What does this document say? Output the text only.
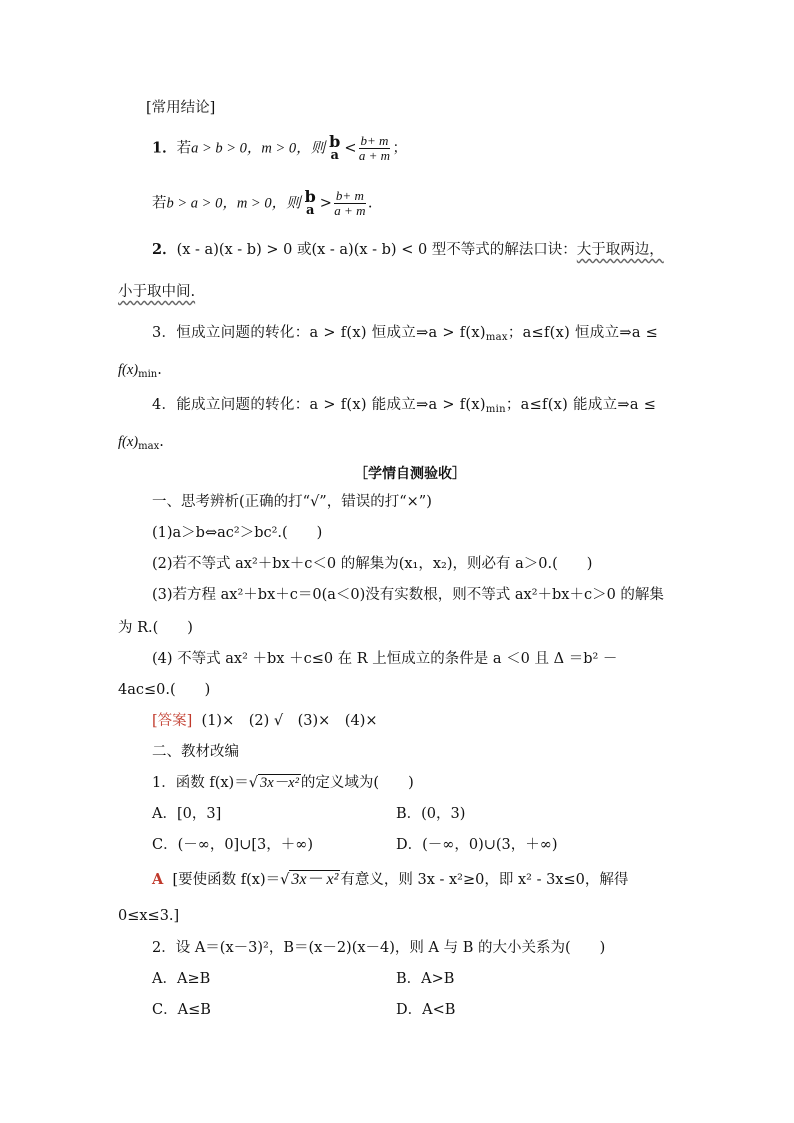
[常用结论]
1．若a > b > 0，m > 0，则 b
$a < \frac{b+ m}{a + m}$ ；
若b > a > 0，m > 0，则 b
$a > \frac{b+ m}{a + m}$ .
2．(x - a)(x - b) > 0 或(x - a)(x - b) < 0 型不等式的解法口诀：大于取两边，
小于取中间.
3．恒成立问题的转化：a > f(x) 恒成立⇒a > $f(x)_{max}$；a≤f(x) 恒成立⇒a ≤
$f(x)_{min}$.
4．能成立问题的转化：a > f(x) 能成立⇒a > $f(x)_{min}$；a≤f(x) 能成立⇒a ≤
$f(x)_{max}$.
［学情自测验收］
一、思考辨析(正确的打“√”，错误的打“×”)
(1)a＞b⇔ac²＞bc².(　　)
(2)若不等式 ax²＋bx＋c＜0 的解集为(x₁，x₂)，则必有 a＞0.(　　)
(3)若方程 ax²＋bx＋c＝0(a＜0)没有实数根，则不等式 ax²＋bx＋c＞0 的解集
为 R.(　　)
(4) 不等式 ax² ＋bx ＋c≤0 在 R 上恒成立的条件是 a ＜0 且 Δ ＝b² －
4ac≤0.(　　)
[答案] (1)×　(2) √　(3)×　(4)×
二、教材改编
1．函数 f(x)＝√ 3x－x² 的定义域为(　　)
A．[0，3]	B．(0，3)
C．(－∞，0]∪[3，＋∞)	D．(－∞，0)∪(3，＋∞)
A [要使函数 f(x)＝√ 3x－ x² 有意义，则 3x - x²≥0，即 x² - 3x≤0，解得
0≤x≤3.]
2．设 A＝(x－3)²，B＝(x－2)(x－4)，则 A 与 B 的大小关系为(　　)
A．A≥B	B．A>B
C．A≤B	D．A<B
